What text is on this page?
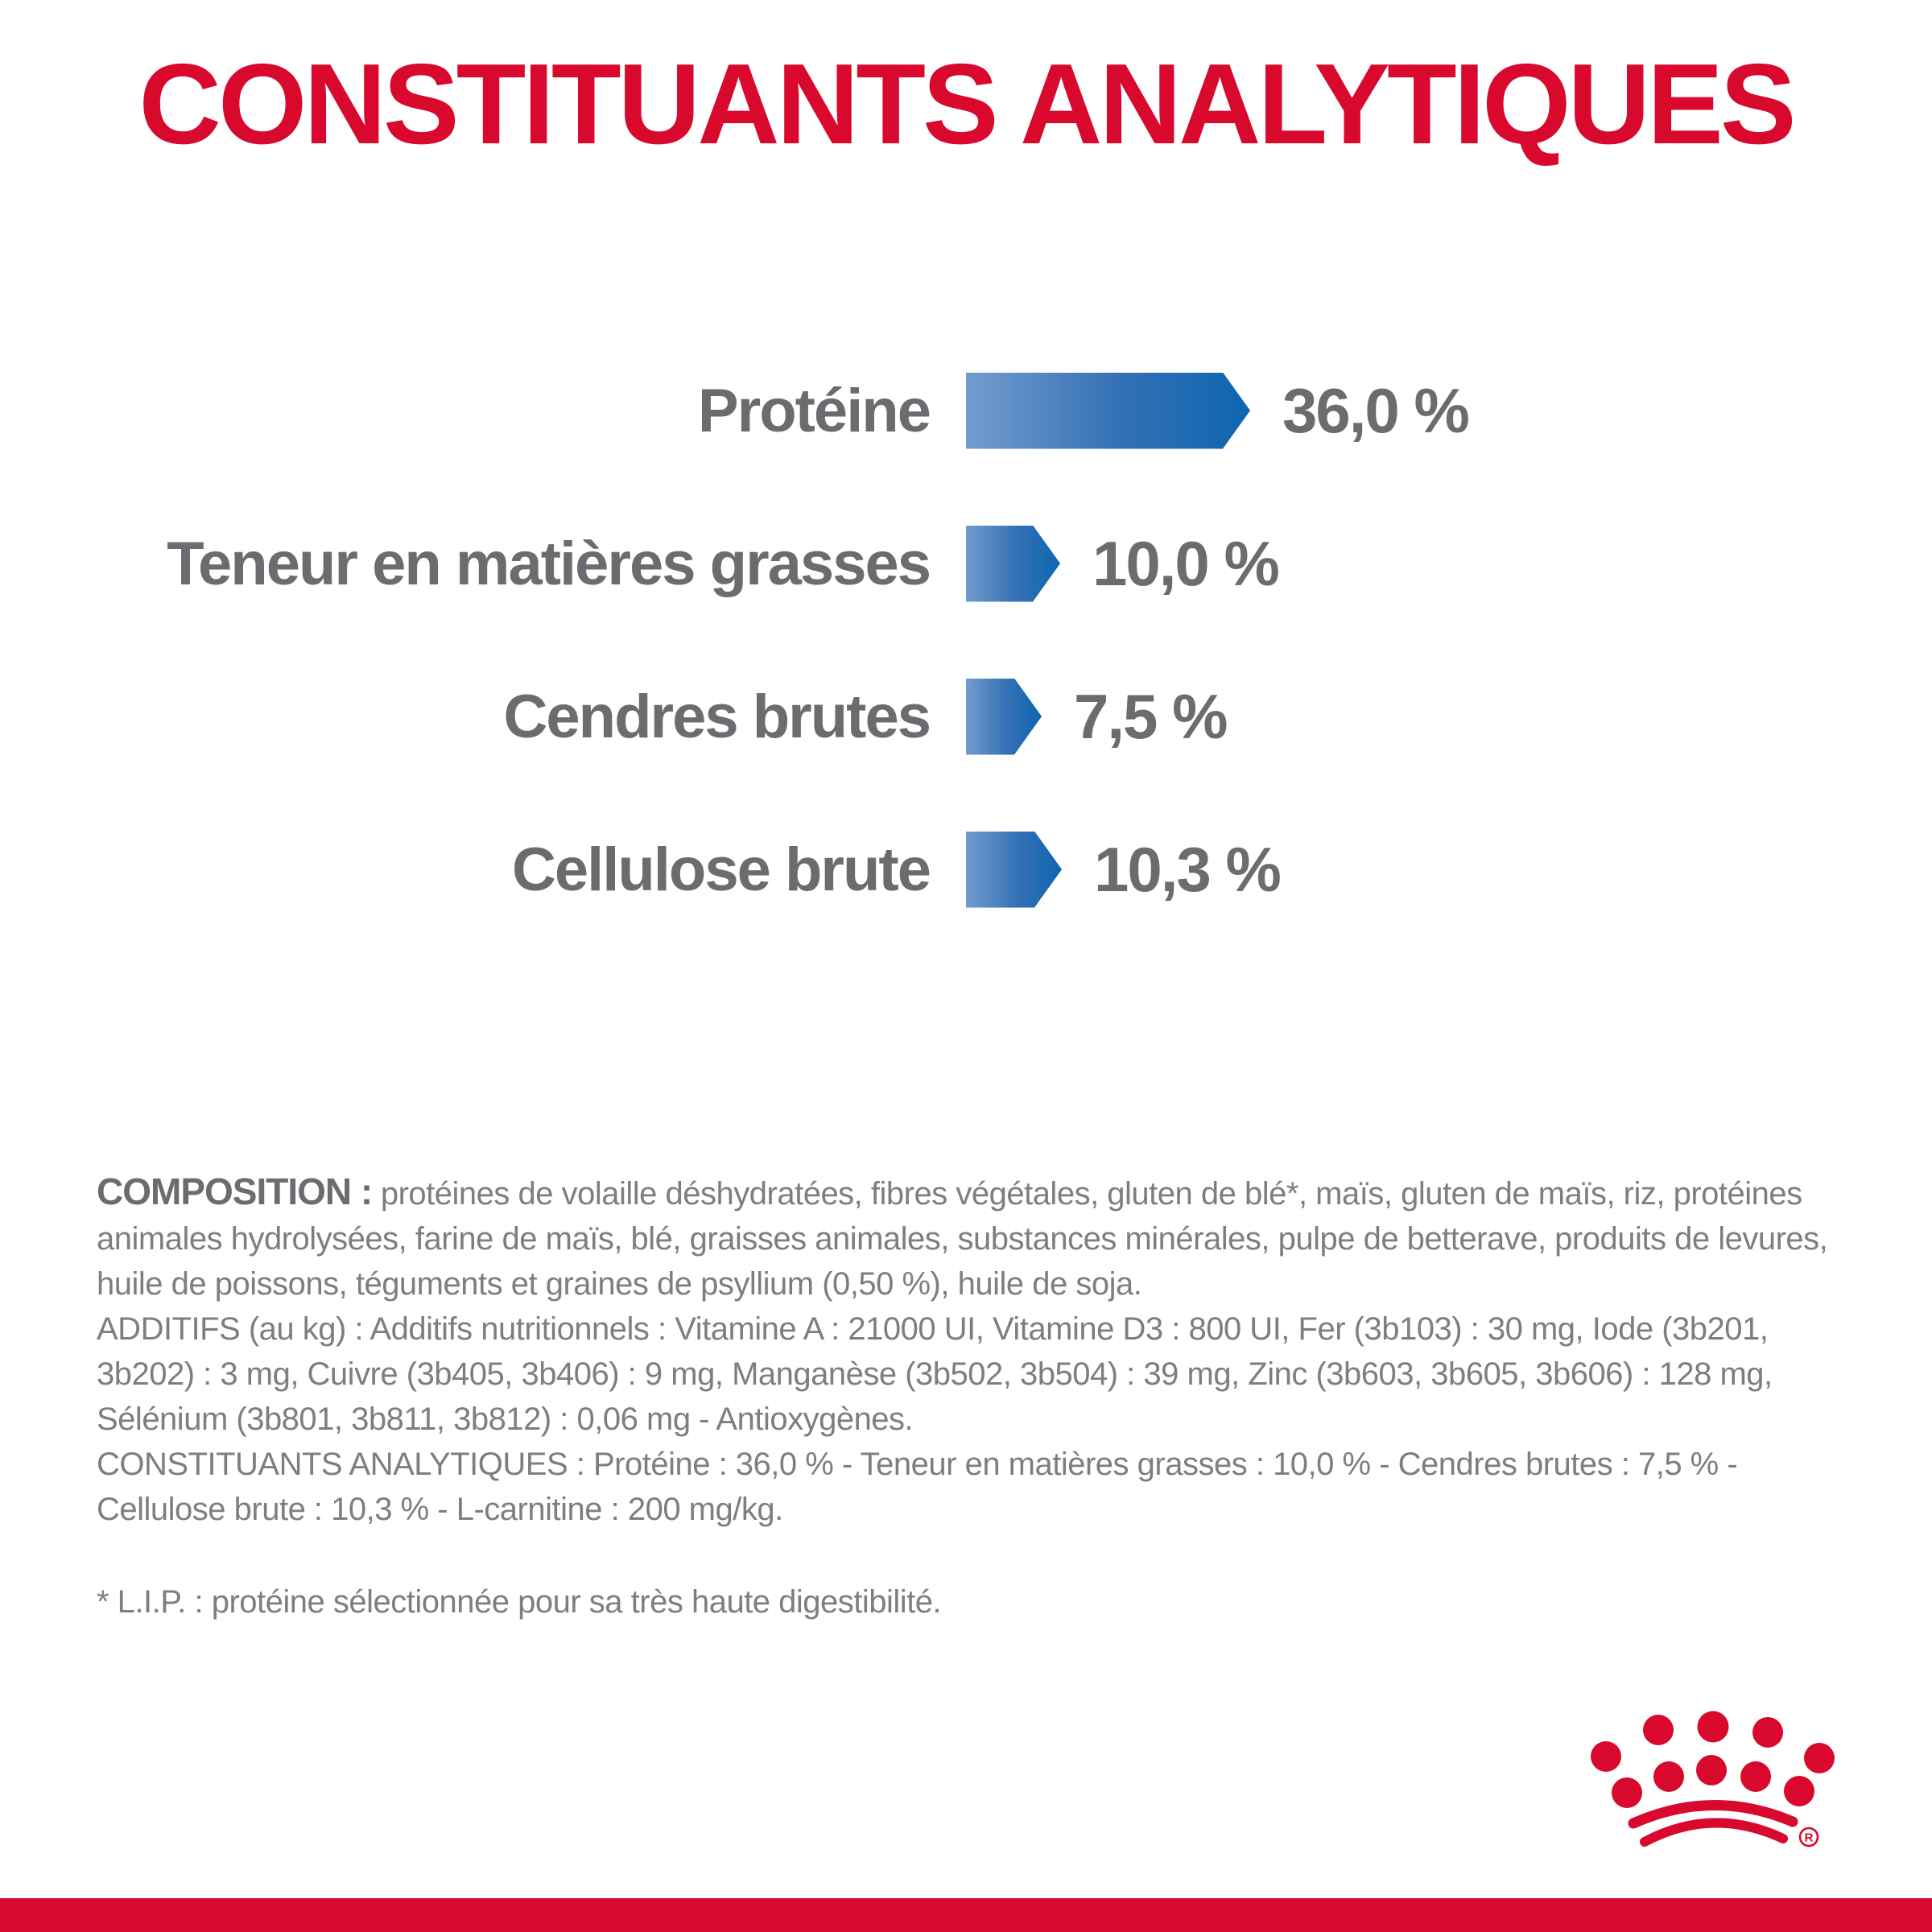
CONSTITUANTS ANALYTIQUES
Protéine	36,0 %
Teneur en matières grasses	10,0 %
Cendres brutes 7,5 %
Cellulose brute	10,3 %

COMPOSITION : protéines de volaille déshydratées, fibres végétales, gluten de blé*, maïs, gluten de maïs, riz, protéines animales hydrolysées, farine de maïs, blé, graisses animales, substances minérales, pulpe de betterave, produits de levures, huile de poissons, téguments et graines de psyllium (0,50 %), huile de soja.

ADDITIFS (au kg) : Additifs nutritionnels : Vitamine A : 21000 UI, Vitamine D3 : 800 UI, Fer (3b103) : 30 mg, Iode (3b201, 3b202) : 3 mg, Cuivre (3b405, 3b406) : 9 mg, Manganèse (3b502, 3b504) : 39 mg, Zinc (3b603, 3b605, 3b606) : 128 mg, Sélénium (3b801, 3b811, 3b812) : 0,06 mg - Antioxygènes.

CONSTITUANTS ANALYTIQUES : Protéine : 36,0 % - Teneur en matières grasses : 10,0 % - Cendres brutes : 7,5 % - Cellulose brute : 10,3 % - L-carnitine : 200 mg/kg.

* L.I.P. : protéine sélectionnée pour sa très haute digestibilité.
R
